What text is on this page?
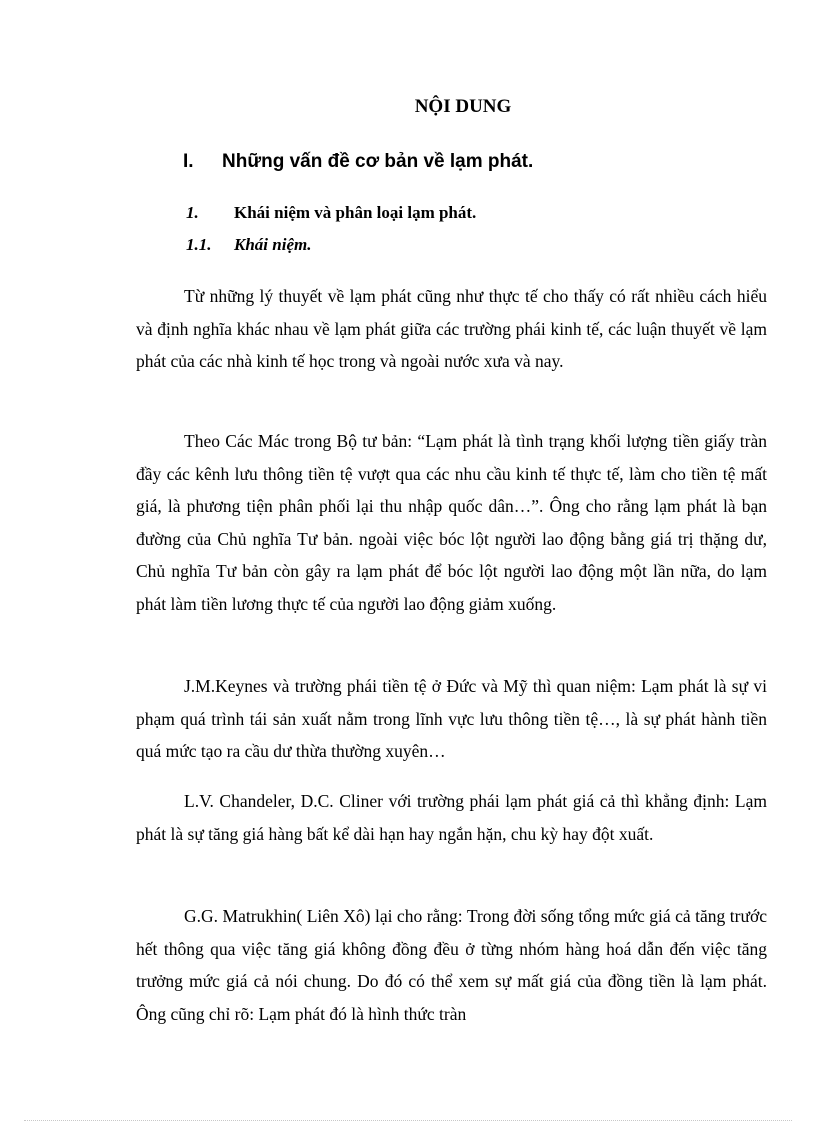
NỘI DUNG
I. Những vấn đề cơ bản về lạm phát.
1. Khái niệm và phân loại lạm phát.
1.1. Khái niệm.

Từ những lý thuyết về lạm phát cũng như thực tế cho thấy có rất nhiều cách hiểu và định nghĩa khác nhau về lạm phát giữa các trường phái kinh tế, các luận thuyết về lạm phát của các nhà kinh tế học trong và ngoài nước xưa và nay.

Theo Các Mác trong Bộ tư bản: “Lạm phát là tình trạng khối lượng tiền giấy tràn đầy các kênh lưu thông tiền tệ vượt qua các nhu cầu kinh tế thực tế, làm cho tiền tệ mất giá, là phương tiện phân phối lại thu nhập quốc dân…”. Ông cho rằng lạm phát là bạn đường của Chủ nghĩa Tư bản. ngoài việc bóc lột người lao động bằng giá trị thặng dư, Chủ nghĩa Tư bản còn gây ra lạm phát để bóc lột người lao động một lần nữa, do lạm phát làm tiền lương thực tế của người lao động giảm xuống.

J.M.Keynes và trường phái tiền tệ ở Đức và Mỹ thì quan niệm: Lạm phát là sự vi phạm quá trình tái sản xuất nằm trong lĩnh vực lưu thông tiền tệ…, là sự phát hành tiền quá mức tạo ra cầu dư thừa thường xuyên…

L.V. Chandeler, D.C. Cliner với trường phái lạm phát giá cả thì khẳng định: Lạm phát là sự tăng giá hàng bất kể dài hạn hay ngắn hặn, chu kỳ hay đột xuất.

G.G. Matrukhin( Liên Xô) lại cho rằng: Trong đời sống tổng mức giá cả tăng trước hết thông qua việc tăng giá không đồng đều ở từng nhóm hàng hoá dẫn đến việc tăng trưởng mức giá cả nói chung. Do đó có thể xem sự mất giá của đồng tiền là lạm phát. Ông cũng chỉ rõ: Lạm phát đó là hình thức tràn
